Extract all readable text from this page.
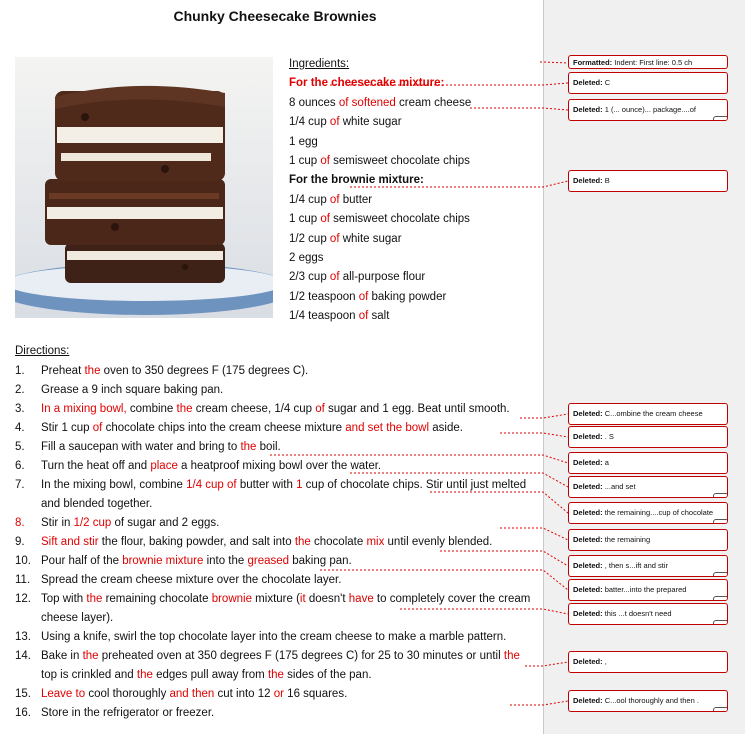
Chunky Cheesecake Brownies
Ingredients:
For the cheesecake mixture:
8 ounces of softened cream cheese
1/4 cup of white sugar
1 egg
1 cup of semisweet chocolate chips
For the brownie mixture:
1/4 cup of butter
1 cup of semisweet chocolate chips
1/2 cup of white sugar
2 eggs
2/3 cup of all-purpose flour
1/2 teaspoon of baking powder
1/4 teaspoon of salt
Directions:
1. Preheat the oven to 350 degrees F (175 degrees C).
2. Grease a 9 inch square baking pan.
3. In a mixing bowl, combine the cream cheese, 1/4 cup of sugar and 1 egg. Beat until smooth.
4. Stir 1 cup of chocolate chips into the cream cheese mixture and set the bowl aside.
5. Fill a saucepan with water and bring to the boil.
6. Turn the heat off and place a heatproof mixing bowl over the water.
7. In the mixing bowl, combine 1/4 cup of butter with 1 cup of chocolate chips. Stir until just melted and blended together.
8. Stir in 1/2 cup of sugar and 2 eggs.
9. Sift and stir the flour, baking powder, and salt into the chocolate mix until evenly blended.
10. Pour half of the brownie mixture into the greased baking pan.
11. Spread the cream cheese mixture over the chocolate layer.
12. Top with the remaining chocolate brownie mixture (it doesn't have to completely cover the cream cheese layer).
13. Using a knife, swirl the top chocolate layer into the cream cheese to make a marble pattern.
14. Bake in the preheated oven at 350 degrees F (175 degrees C) for 25 to 30 minutes or until the top is crinkled and the edges pull away from the sides of the pan.
15. Leave to cool thoroughly and then cut into 12 or 16 squares.
16. Store in the refrigerator or freezer.
Formatted: Indent: First line: 0.5 ch
Deleted: C
Deleted: 1 (... ounce)... package....of
Deleted: B
Deleted: C...ombine the cream cheese
Deleted: . S
Deleted: a
Deleted: ...and set
Deleted: the remaining....cup of chocolate
Deleted: the remaining
Deleted: , then s...ift and stir
Deleted: batter...into the prepared
Deleted: this ...t doesn't need
Deleted: ,
Deleted: C...ool thoroughly and then .
